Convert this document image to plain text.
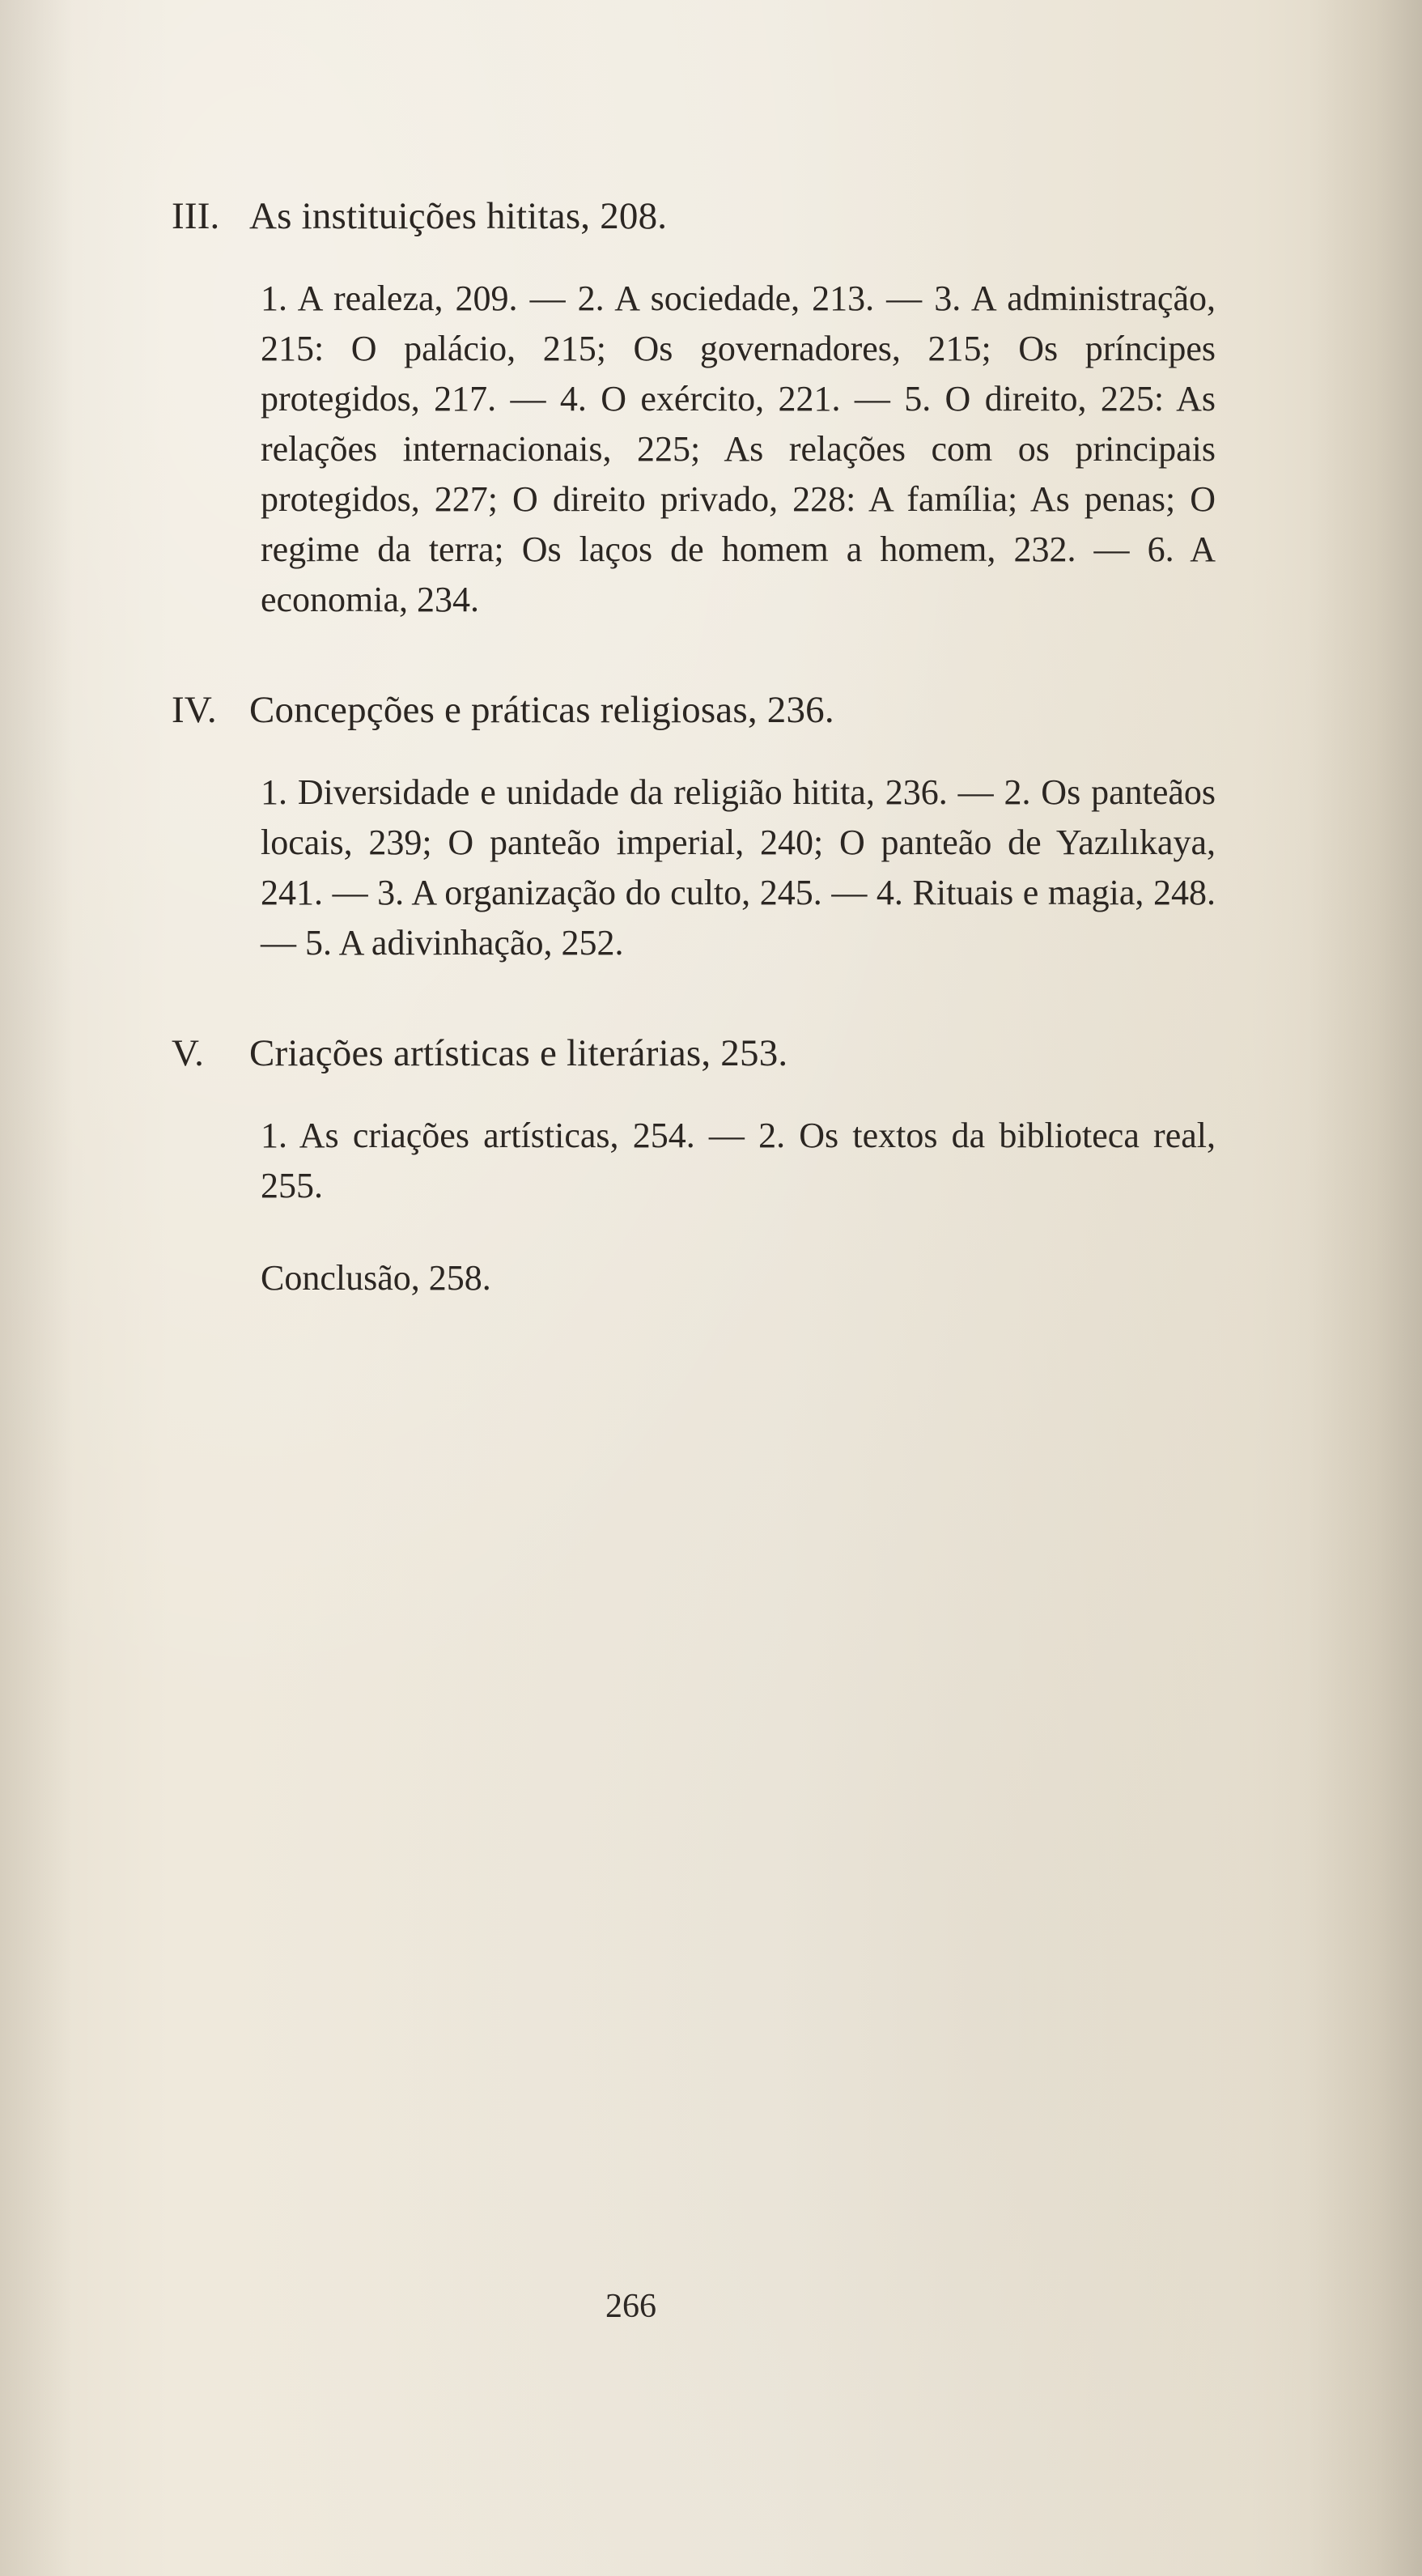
III. As instituições hititas, 208.

1. A realeza, 209. — 2. A sociedade, 213. — 3. A administração, 215: O palácio, 215; Os governadores, 215; Os príncipes protegidos, 217. — 4. O exército, 221. — 5. O direito, 225: As relações internacionais, 225; As relações com os principais protegidos, 227; O direito privado, 228: A família; As penas; O regime da terra; Os laços de homem a homem, 232. — 6. A economia, 234.

IV. Concepções e práticas religiosas, 236.

1. Diversidade e unidade da religião hitita, 236. — 2. Os panteãos locais, 239; O panteão imperial, 240; O panteão de Yazılıkaya, 241. — 3. A organização do culto, 245. — 4. Rituais e magia, 248. — 5. A adivinhação, 252.

V. Criações artísticas e literárias, 253.

1. As criações artísticas, 254. — 2. Os textos da biblioteca real, 255.

Conclusão, 258.

266
